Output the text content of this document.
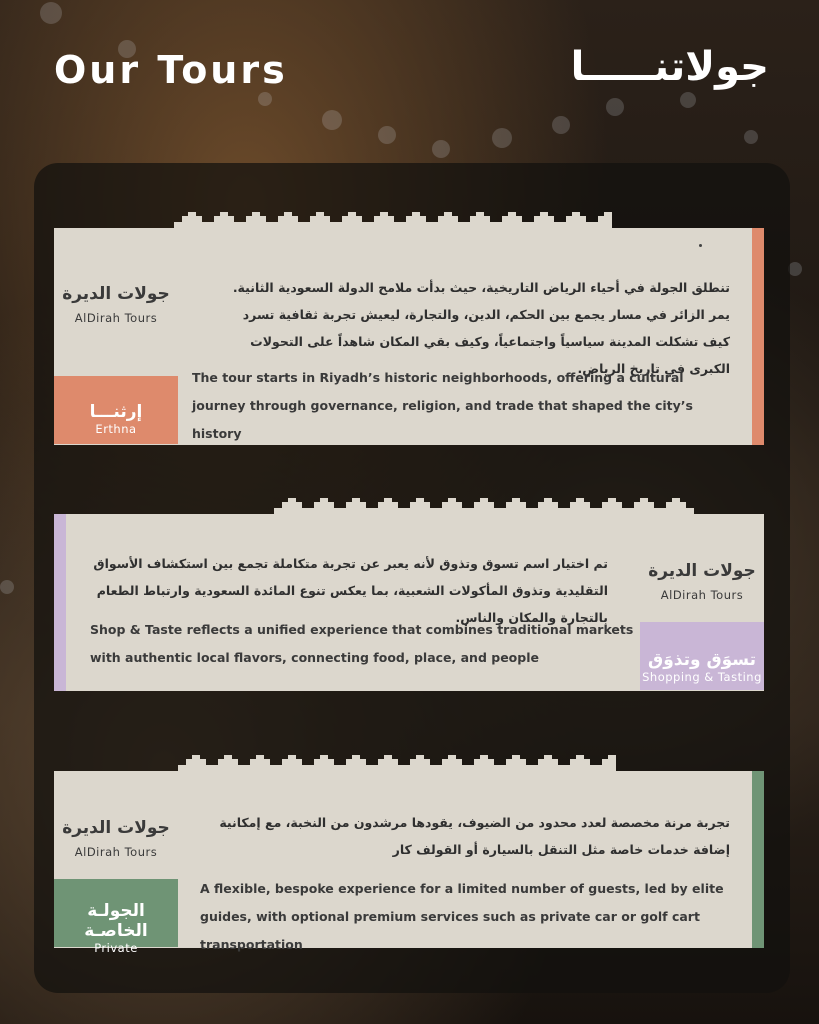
Our Tours	جولاتنـــــا
جولات الديرة
AlDirah Tours
إرثنـــا
Erthna
تنطلق الجولة في أحياء الرياض التاريخية، حيث بدأت ملامح الدولة السعودية الثانية. يمر الزائر في مسار يجمع بين الحكم، الدين، والتجارة، ليعيش تجربة ثقافية تسرد كيف تشكلت المدينة سياسياً واجتماعياً، وكيف بقي المكان شاهداً على التحولات الكبرى في تاريخ الرياض.
The tour starts in Riyadh’s historic neighborhoods, offering a cultural journey through governance, religion, and trade that shaped the city’s history
تم اختيار اسم تسوق وتذوق لأنه يعبر عن تجربة متكاملة تجمع بين استكشاف الأسواق التقليدية وتذوق المأكولات الشعبية، بما يعكس تنوع المائدة السعودية وارتباط الطعام بالتجارة والمكان والناس.
Shop & Taste reflects a unified experience that combines traditional markets with authentic local flavors, connecting food, place, and people
جولات الديرة
AlDirah Tours
تسوَق وتذوَق
Shopping & Tasting
جولات الديرة
AlDirah Tours
الجولـة الخاصـة
Private
تجربة مرنة مخصصة لعدد محدود من الضيوف، يقودها مرشدون من النخبة، مع إمكانية إضافة خدمات خاصة مثل التنقل بالسيارة أو القولف كار
A flexible, bespoke experience for a limited number of guests, led by elite guides, with optional premium services such as private car or golf cart transportation
